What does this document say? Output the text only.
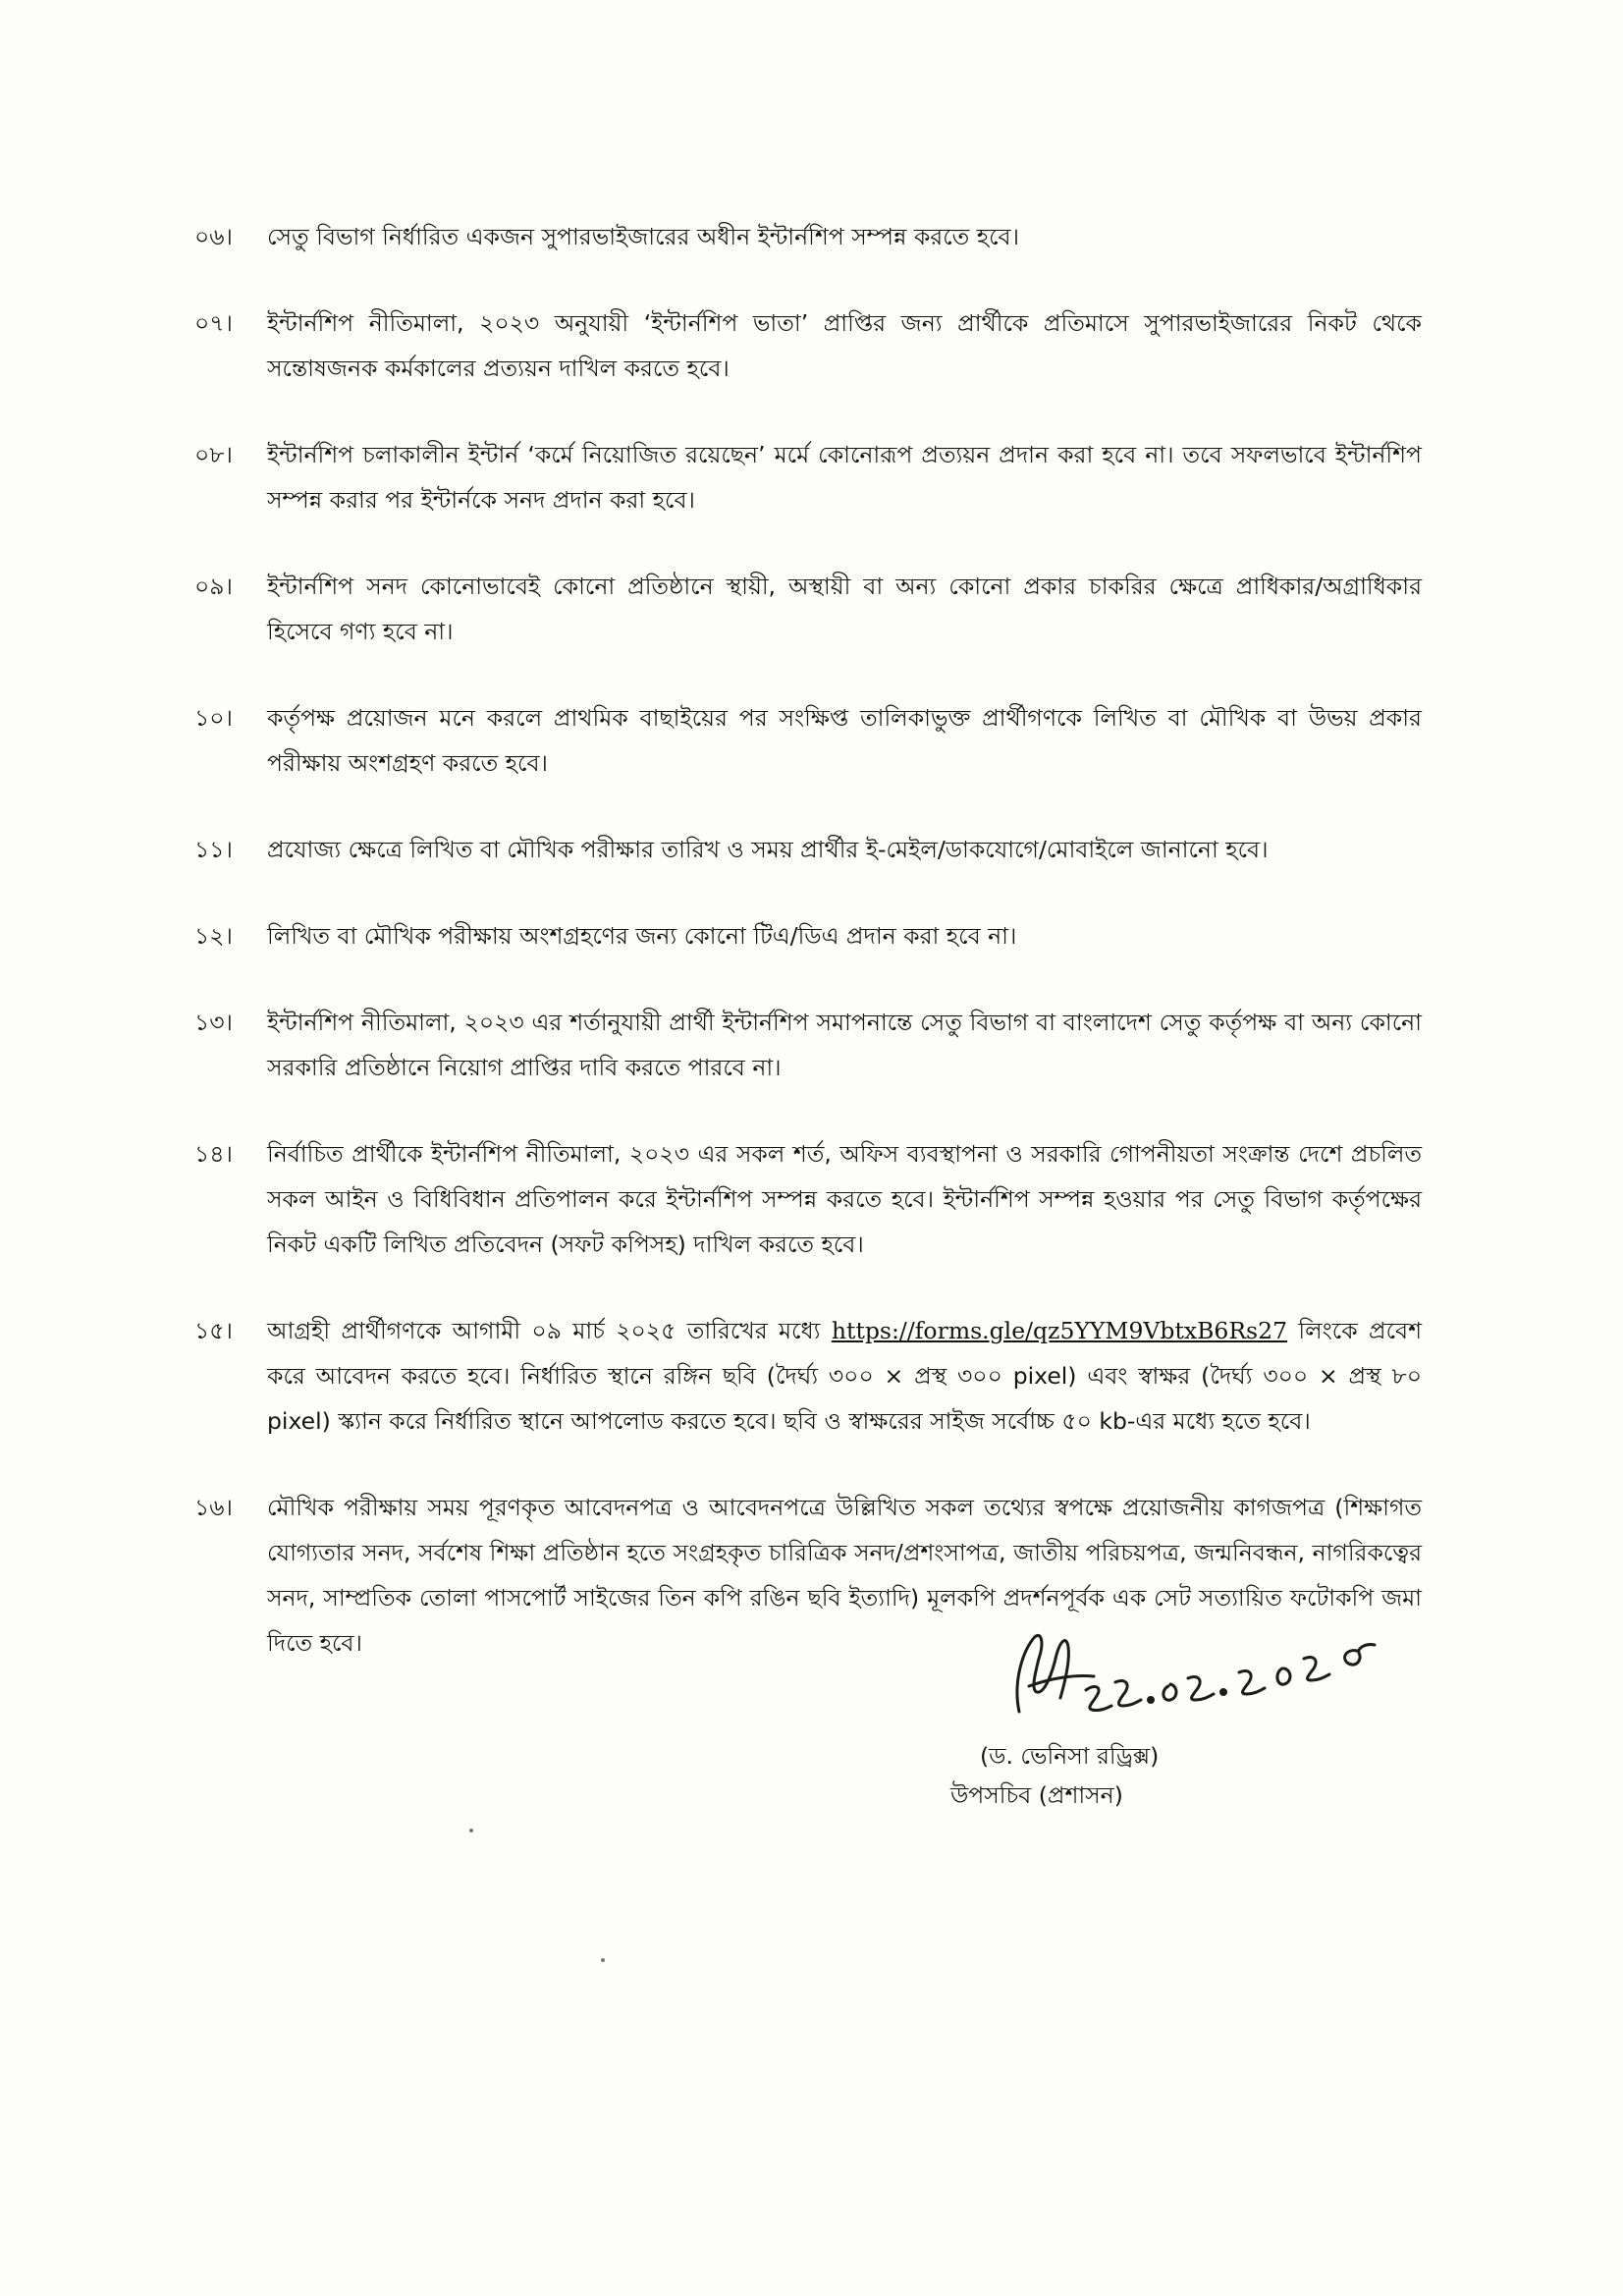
০৬।	সেতু বিভাগ নির্ধারিত একজন সুপারভাইজারের অধীন ইন্টার্নশিপ সম্পন্ন করতে হবে।
০৭।	ইন্টার্নশিপ নীতিমালা, ২০২৩ অনুযায়ী ‘ইন্টার্নশিপ ভাতা’ প্রাপ্তির জন্য প্রার্থীকে প্রতিমাসে সুপারভাইজারের নিকট থেকে সন্তোষজনক কর্মকালের প্রত্যয়ন দাখিল করতে হবে।
০৮।	ইন্টার্নশিপ চলাকালীন ইন্টার্ন ‘কর্মে নিয়োজিত রয়েছেন’ মর্মে কোনোরূপ প্রত্যয়ন প্রদান করা হবে না। তবে সফলভাবে ইন্টার্নশিপ সম্পন্ন করার পর ইন্টার্নকে সনদ প্রদান করা হবে।
০৯।	ইন্টার্নশিপ সনদ কোনোভাবেই কোনো প্রতিষ্ঠানে স্থায়ী, অস্থায়ী বা অন্য কোনো প্রকার চাকরির ক্ষেত্রে প্রাধিকার/অগ্রাধিকার হিসেবে গণ্য হবে না।
১০।	কর্তৃপক্ষ প্রয়োজন মনে করলে প্রাথমিক বাছাইয়ের পর সংক্ষিপ্ত তালিকাভুক্ত প্রার্থীগণকে লিখিত বা মৌখিক বা উভয় প্রকার পরীক্ষায় অংশগ্রহণ করতে হবে।
১১।	প্রযোজ্য ক্ষেত্রে লিখিত বা মৌখিক পরীক্ষার তারিখ ও সময় প্রার্থীর ই-মেইল/ডাকযোগে/মোবাইলে জানানো হবে।
১২।	লিখিত বা মৌখিক পরীক্ষায় অংশগ্রহণের জন্য কোনো টিএ/ডিএ প্রদান করা হবে না।
১৩।	ইন্টার্নশিপ নীতিমালা, ২০২৩ এর শর্তানুযায়ী প্রার্থী ইন্টার্নশিপ সমাপনান্তে সেতু বিভাগ বা বাংলাদেশ সেতু কর্তৃপক্ষ বা অন্য কোনো সরকারি প্রতিষ্ঠানে নিয়োগ প্রাপ্তির দাবি করতে পারবে না।
১৪।	নির্বাচিত প্রার্থীকে ইন্টার্নশিপ নীতিমালা, ২০২৩ এর সকল শর্ত, অফিস ব্যবস্থাপনা ও সরকারি গোপনীয়তা সংক্রান্ত দেশে প্রচলিত সকল আইন ও বিধিবিধান প্রতিপালন করে ইন্টার্নশিপ সম্পন্ন করতে হবে। ইন্টার্নশিপ সম্পন্ন হওয়ার পর সেতু বিভাগ কর্তৃপক্ষের নিকট একটি লিখিত প্রতিবেদন (সফট কপিসহ) দাখিল করতে হবে।
১৫।	আগ্রহী প্রার্থীগণকে আগামী ০৯ মার্চ ২০২৫ তারিখের মধ্যে https://forms.gle/qz5YYM9VbtxB6Rs27 লিংকে প্রবেশ করে আবেদন করতে হবে। নির্ধারিত স্থানে রঙ্গিন ছবি (দৈর্ঘ্য ৩০০ × প্রস্থ ৩০০ pixel) এবং স্বাক্ষর (দৈর্ঘ্য ৩০০ × প্রস্থ ৮০ pixel) স্ক্যান করে নির্ধারিত স্থানে আপলোড করতে হবে। ছবি ও স্বাক্ষরের সাইজ সর্বোচ্চ ৫০ kb-এর মধ্যে হতে হবে।
১৬।	মৌখিক পরীক্ষায় সময় পূরণকৃত আবেদনপত্র ও আবেদনপত্রে উল্লিখিত সকল তথ্যের স্বপক্ষে প্রয়োজনীয় কাগজপত্র (শিক্ষাগত যোগ্যতার সনদ, সর্বশেষ শিক্ষা প্রতিষ্ঠান হতে সংগ্রহকৃত চারিত্রিক সনদ/প্রশংসাপত্র, জাতীয় পরিচয়পত্র, জন্মনিবন্ধন, নাগরিকত্বের সনদ, সাম্প্রতিক তোলা পাসপোর্ট সাইজের তিন কপি রঙিন ছবি ইত্যাদি) মূলকপি প্রদর্শনপূর্বক এক সেট সত্যায়িত ফটোকপি জমা দিতে হবে।
(ড. ভেনিসা রড্রিক্স)
উপসচিব (প্রশাসন)
